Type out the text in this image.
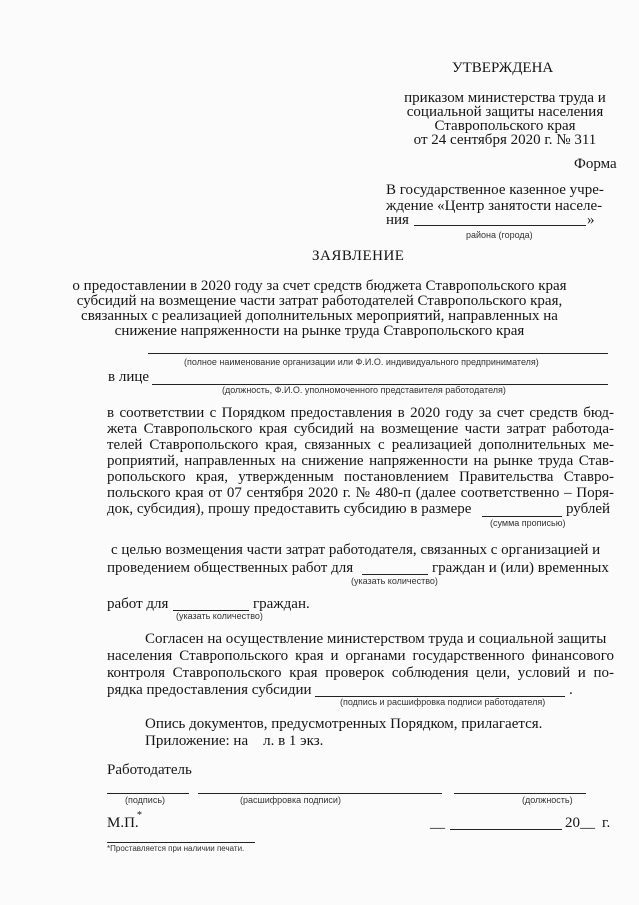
УТВЕРЖДЕНА
приказом министерства труда и
социальной защиты населения
Ставропольского края
от 24 сентября 2020 г. № 311
Форма
В государственное казенное учре-
ждение «Центр занятости населе-
ния	»
района (города)
ЗАЯВЛЕНИЕ
о предоставлении в 2020 году за счет средств бюджета Ставропольского края
субсидий на возмещение части затрат работодателей Ставропольского края,
связанных с реализацией дополнительных мероприятий, направленных на
снижение напряженности на рынке труда Ставропольского края
(полное наименование организации или Ф.И.О. индивидуального предпринимателя)
в лице
(должность, Ф.И.О. уполномоченного представителя работодателя)
в соответствии с Порядком предоставления в 2020 году за счет средств бюд-
жета Ставропольского края субсидий на возмещение части затрат работода-
телей Ставропольского края, связанных с реализацией дополнительных ме-
роприятий, направленных на снижение напряженности на рынке труда Став-
ропольского края, утвержденным постановлением Правительства Ставро-
польского края от 07 сентября 2020 г. № 480-п (далее соответственно – Поря-
док, субсидия), прошу предоставить субсидию в размере	рублей
(сумма прописью)
с целью возмещения части затрат работодателя, связанных с организацией и
проведением общественных работ для	граждан и (или) временных
(указать количество)
работ для	граждан.
(указать количество)
Согласен на осуществление министерством труда и социальной защиты
населения Ставропольского края и органами государственного финансового
контроля Ставропольского края проверок соблюдения цели, условий и по-
рядка предоставления субсидии	.
(подпись и расшифровка подписи работодателя)
Опись документов, предусмотренных Порядком, прилагается.
Приложение: на    л. в 1 экз.
Работодатель
(подпись)	(расшифровка подписи)	(должность)
М.П.
*	__	20 __ г.
*Проставляется при наличии печати.
